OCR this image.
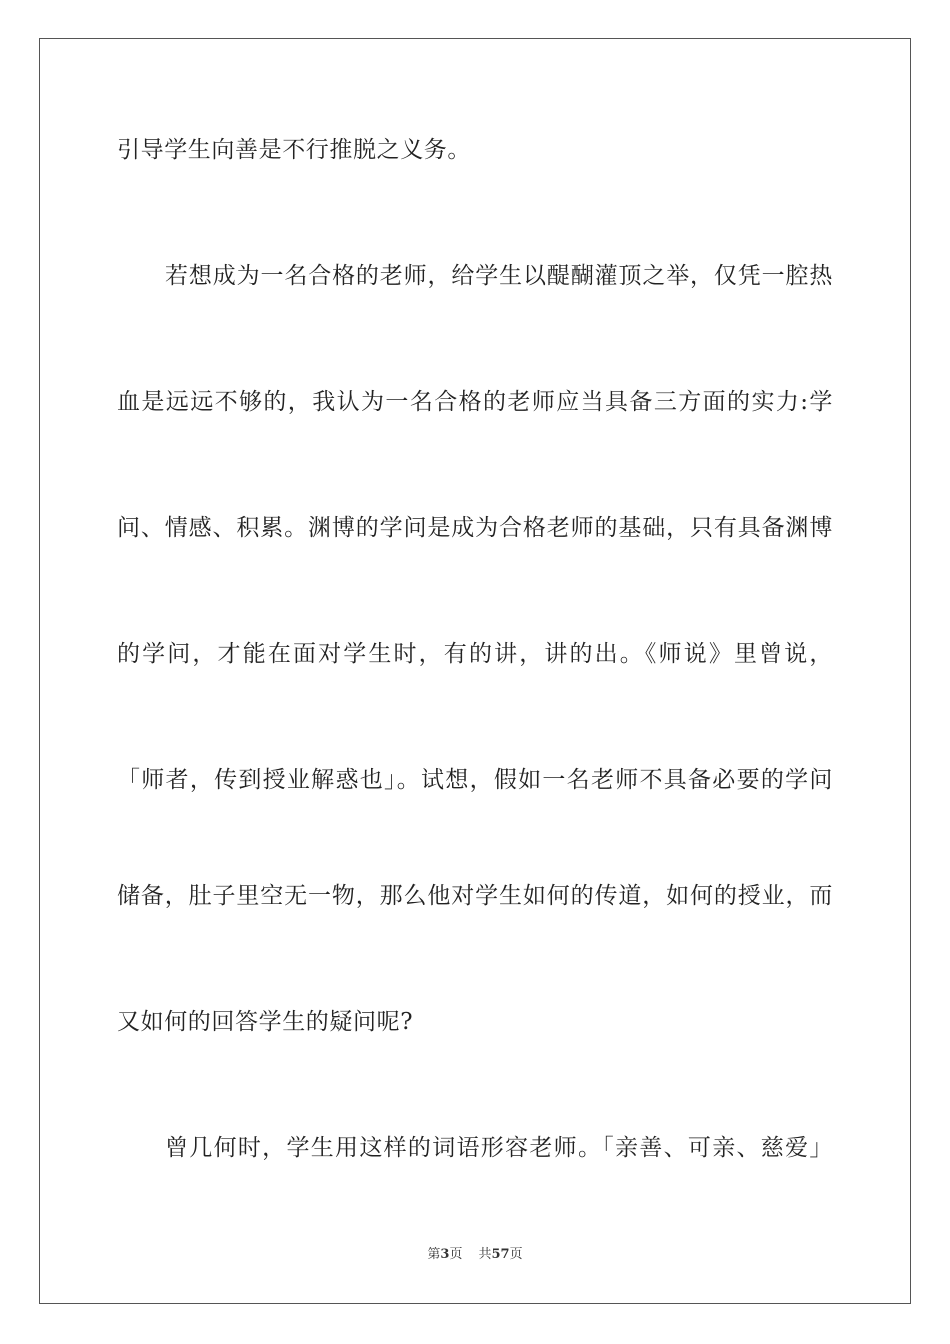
引导学生向善是不行推脱之义务。
若想成为一名合格的老师，给学生以醍醐灌顶之举，仅凭一腔热
血是远远不够的，我认为一名合格的老师应当具备三方面的实力:学
问、情感、积累。渊博的学问是成为合格老师的基础，只有具备渊博
的学问，才能在面对学生时，有的讲，讲的出。《师说》里曾说，
「师者，传到授业解惑也」。试想，假如一名老师不具备必要的学问
储备，肚子里空无一物，那么他对学生如何的传道，如何的授业，而
又如何的回答学生的疑问呢?
曾几何时，学生用这样的词语形容老师。「亲善、可亲、慈爱」
第3页 共57页
